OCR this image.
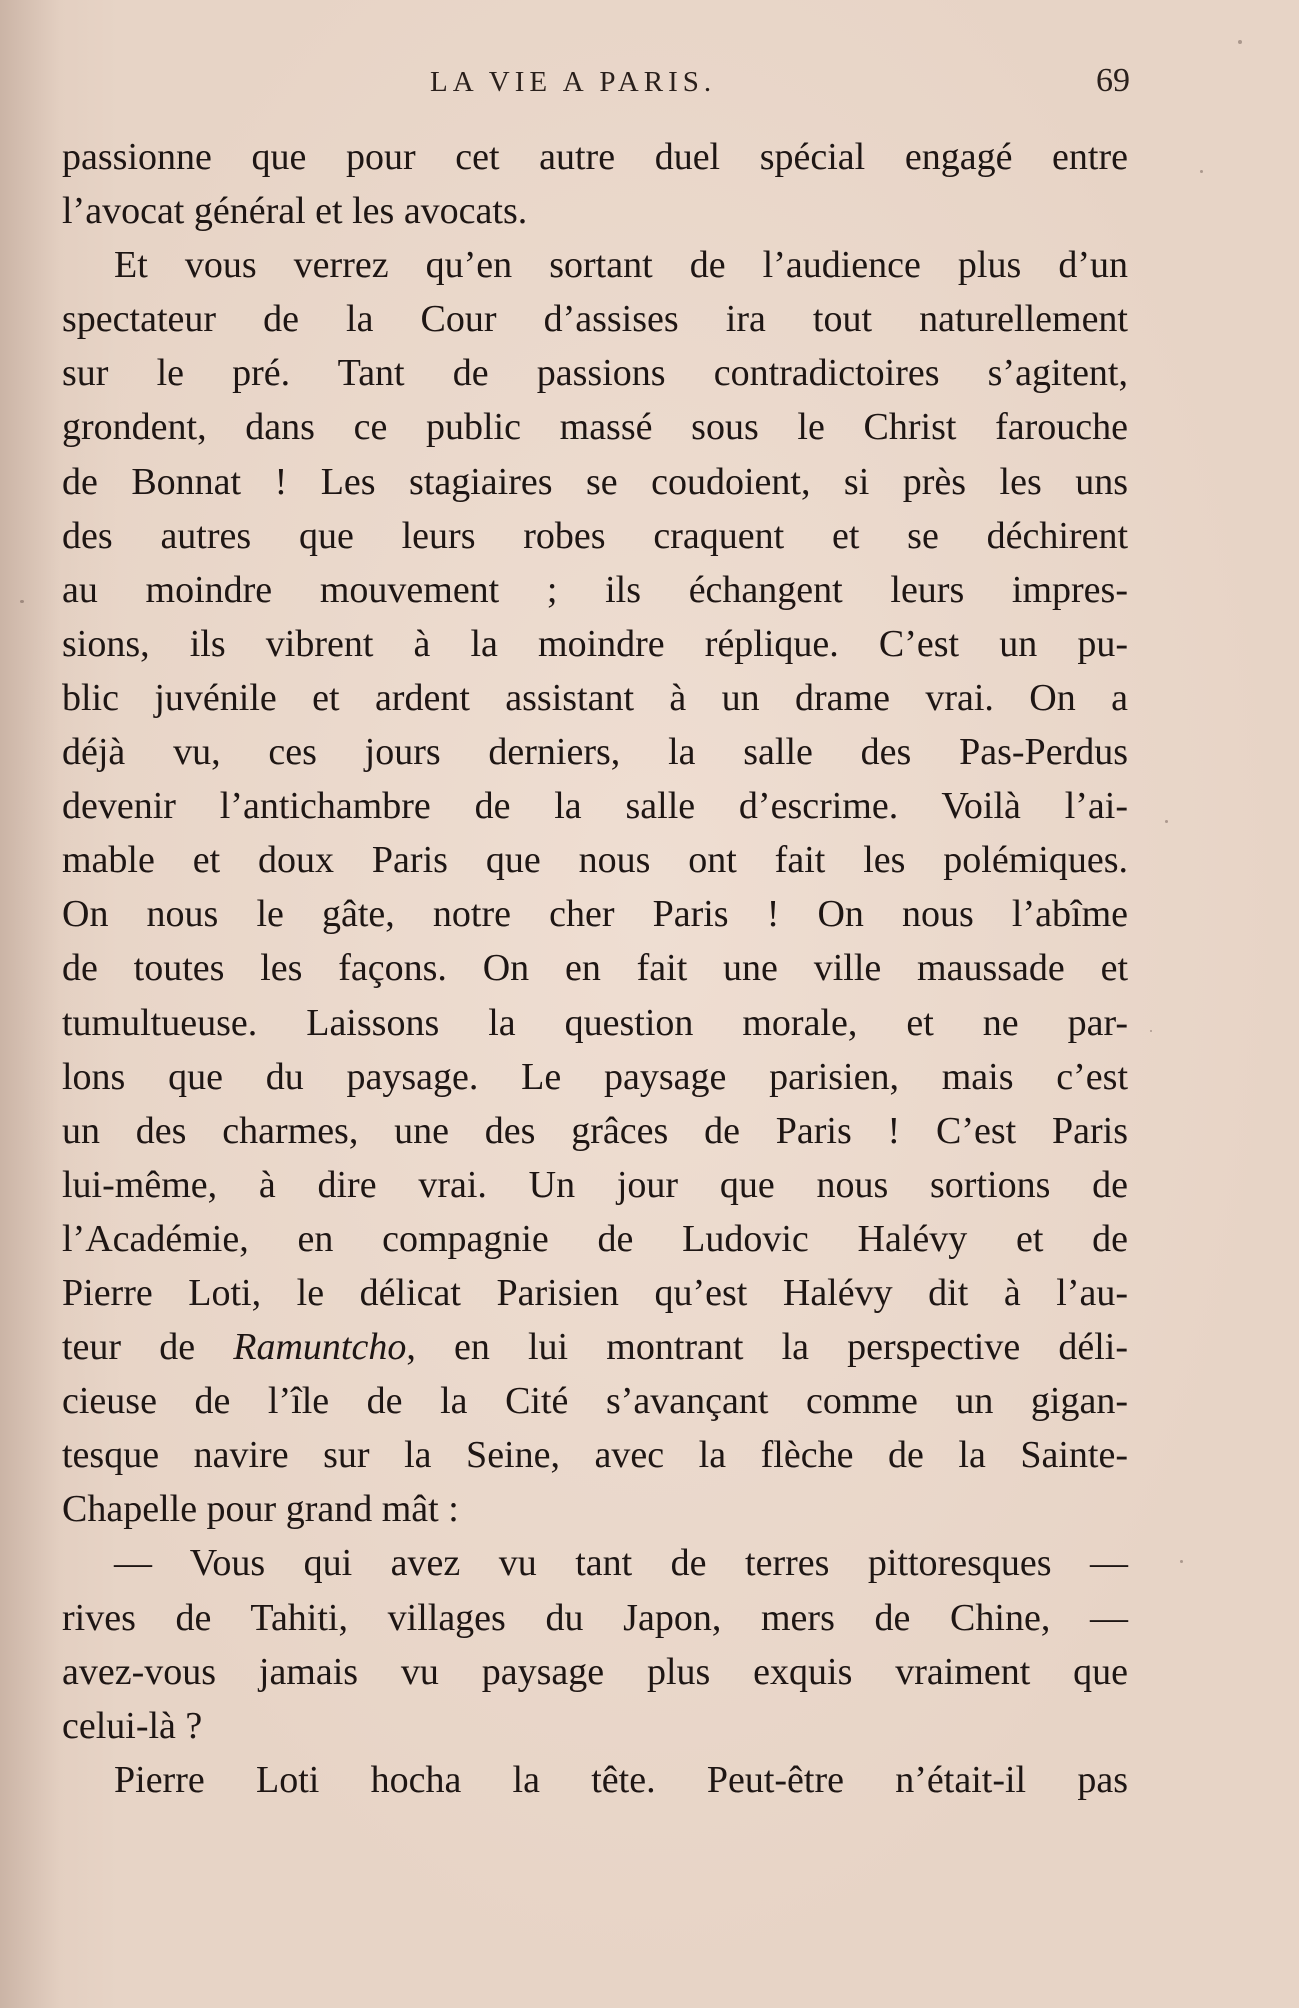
LA VIE A PARIS.	69
passionne que pour cet autre duel spécial engagé entre
l’avocat général et les avocats.
Et vous verrez qu’en sortant de l’audience plus d’un
spectateur de la Cour d’assises ira tout naturellement
sur le pré. Tant de passions contradictoires s’agitent,
grondent, dans ce public massé sous le Christ farouche
de Bonnat ! Les stagiaires se coudoient, si près les uns
des autres que leurs robes craquent et se déchirent
au moindre mouvement ; ils échangent leurs impres-
sions, ils vibrent à la moindre réplique. C’est un pu-
blic juvénile et ardent assistant à un drame vrai. On a
déjà vu, ces jours derniers, la salle des Pas-Perdus
devenir l’antichambre de la salle d’escrime. Voilà l’ai-
mable et doux Paris que nous ont fait les polémiques.
On nous le gâte, notre cher Paris ! On nous l’abîme
de toutes les façons. On en fait une ville maussade et
tumultueuse. Laissons la question morale, et ne par-
lons que du paysage. Le paysage parisien, mais c’est
un des charmes, une des grâces de Paris ! C’est Paris
lui-même, à dire vrai. Un jour que nous sortions de
l’Académie, en compagnie de Ludovic Halévy et de
Pierre Loti, le délicat Parisien qu’est Halévy dit à l’au-
teur de Ramuntcho, en lui montrant la perspective déli-
cieuse de l’île de la Cité s’avançant comme un gigan-
tesque navire sur la Seine, avec la flèche de la Sainte-
Chapelle pour grand mât :
— Vous qui avez vu tant de terres pittoresques —
rives de Tahiti, villages du Japon, mers de Chine, —
avez-vous jamais vu paysage plus exquis vraiment que
celui-là ?
Pierre Loti hocha la tête. Peut-être n’était-il pas
